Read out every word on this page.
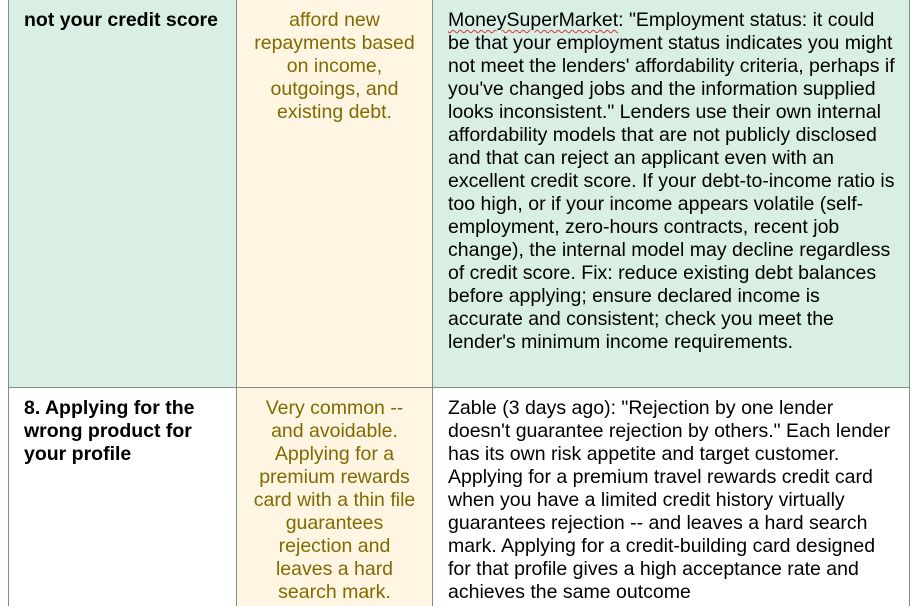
not your credit score	afford new repayments based on income, outgoings, and existing debt.	MoneySuperMarket: "Employment status: it could be that your employment status indicates you might not meet the lenders' affordability criteria, perhaps if you've changed jobs and the information supplied looks inconsistent." Lenders use their own internal affordability models that are not publicly disclosed and that can reject an applicant even with an excellent credit score. If your debt-to-income ratio is too high, or if your income appears volatile (self-employment, zero-hours contracts, recent job change), the internal model may decline regardless of credit score. Fix: reduce existing debt balances before applying; ensure declared income is accurate and consistent; check you meet the lender's minimum income requirements.

8. Applying for the wrong product for your profile	Very common -- and avoidable. Applying for a premium rewards card with a thin file guarantees rejection and leaves a hard search mark.	Zable (3 days ago): "Rejection by one lender doesn't guarantee rejection by others." Each lender has its own risk appetite and target customer. Applying for a premium travel rewards credit card when you have a limited credit history virtually guarantees rejection -- and leaves a hard search mark. Applying for a credit-building card designed for that profile gives a high acceptance rate and achieves the same outcome
